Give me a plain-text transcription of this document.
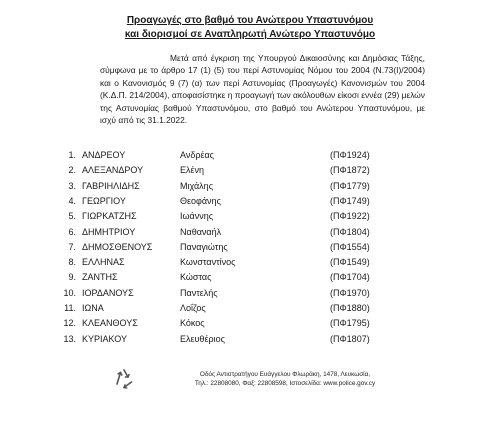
Προαγωγές στο βαθμό του Ανώτερου Υπαστυνόμου
και διορισμοί σε Αναπληρωτή Ανώτερο Υπαστυνόμο
Μετά από έγκριση της Υπουργού Δικαιοσύνης και Δημόσιας Τάξης, σύμφωνα με το άρθρο 17 (1) (5) του περί Αστυνομίας Νόμου του 2004 (Ν.73(Ι)/2004) και ο Κανονισμός 9 (7) (α) των περί Αστυνομίας (Προαγωγές) Κανονισμών του 2004 (Κ.Δ.Π. 214/2004), αποφασίστηκε η προαγωγή των ακόλουθων είκοσι εννέα (29) μελών της Αστυνομίας βαθμού Υπαστυνόμου, στο βαθμό του Ανώτερου Υπαστυνόμου, με ισχύ από τις 31.1.2022.
1. ΑΝΔΡΕΟΥ	Ανδρέας	(ΠΦ1924)
2. ΑΛΕΞΑΝΔΡΟΥ	Ελένη	(ΠΦ1872)
3. ΓΑΒΡΙΗΛΙΔΗΣ	Μιχάλης	(ΠΦ1779)
4. ΓΕΩΡΓΙΟΥ	Θεοφάνης	(ΠΦ1749)
5. ΓΙΩΡΚΑΤΖΗΣ	Ιωάννης	(ΠΦ1922)
6. ΔΗΜΗΤΡΙΟΥ	Ναθαναήλ	(ΠΦ1804)
7. ΔΗΜΟΣΘΕΝΟΥΣ	Παναγιώτης	(ΠΦ1554)
8. ΕΛΛΗΝΑΣ	Κωνσταντίνος	(ΠΦ1549)
9. ΖΑΝΤΗΣ	Κώστας	(ΠΦ1704)
10. ΙΟΡΔΑΝΟΥΣ	Παντελής	(ΠΦ1970)
11. ΙΩΝΑ	Λοΐζος	(ΠΦ1880)
12. ΚΛΕΑΝΘΟΥΣ	Κόκος	(ΠΦ1795)
13. ΚΥΡΙΑΚΟΥ	Ελευθέριος	(ΠΦ1807)
Οδός Αντιστρατήγου Ευάγγελου Φλωράκη, 1478, Λευκωσία,
Τηλ.: 22808080, Φαξ: 22808598, Ιστοσελίδα: www.police.gov.cy
